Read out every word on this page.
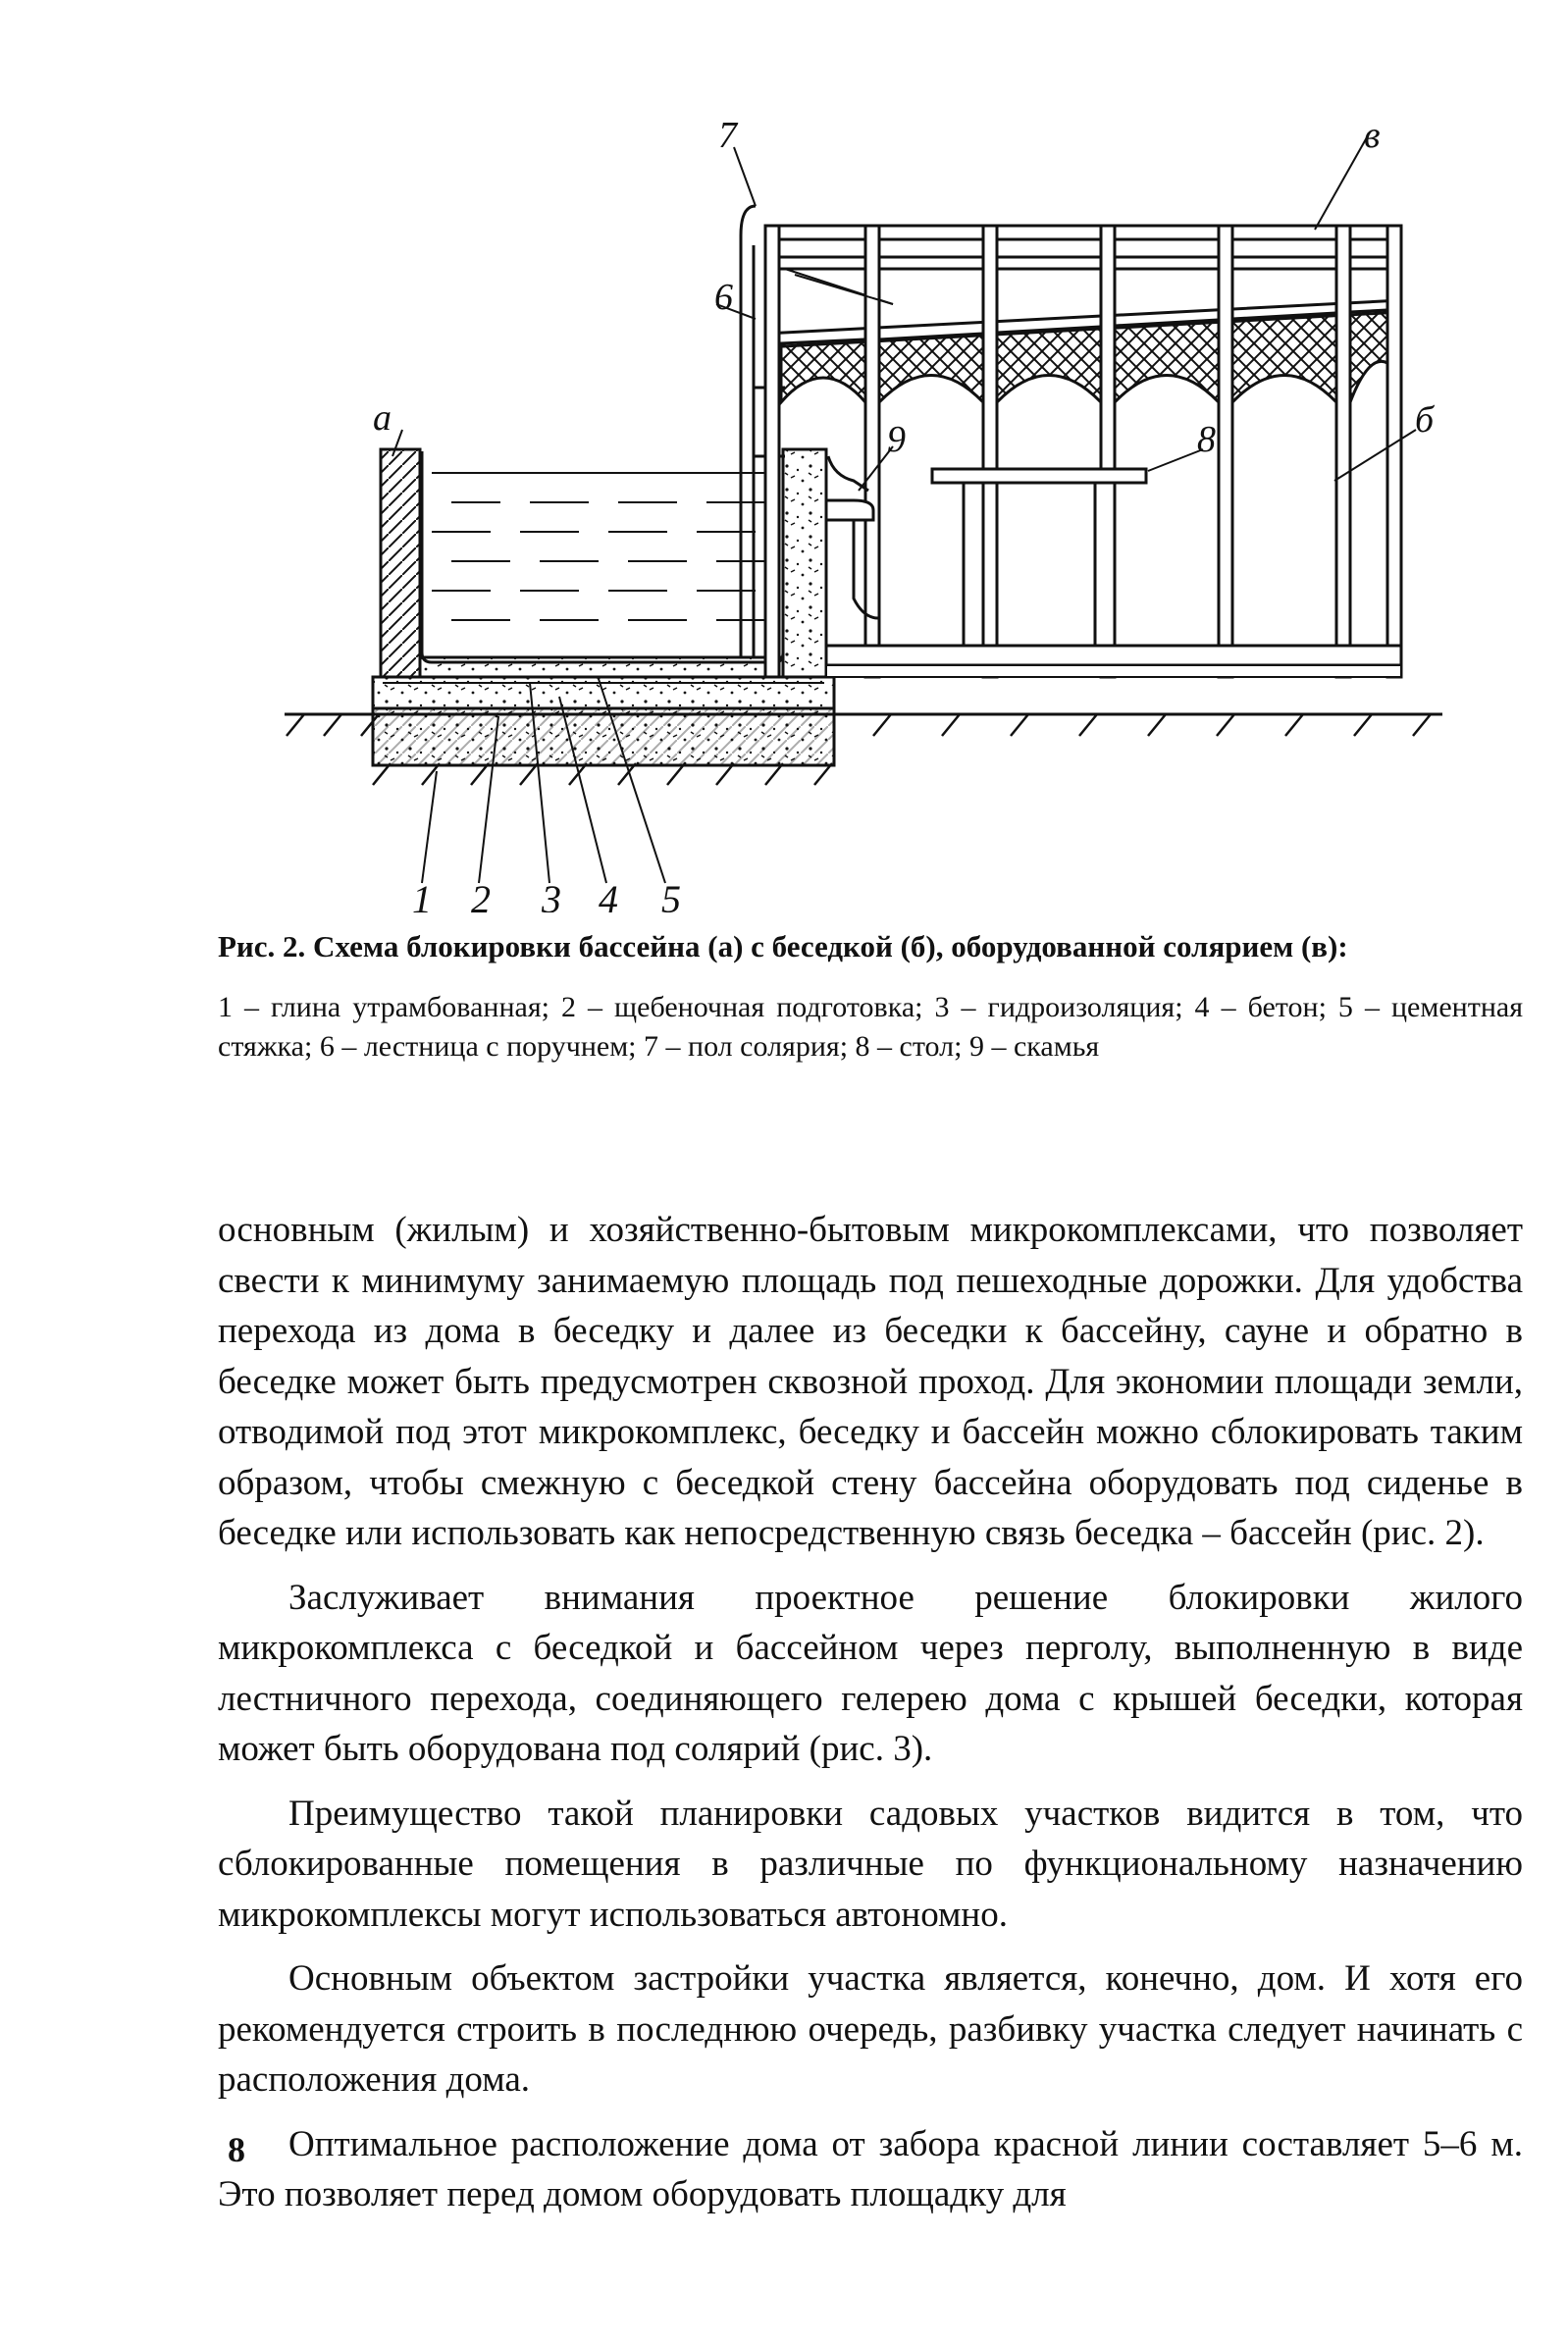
в
б
а
7
6
9	8
1 2 3 4 5
Рис. 2. Схема блокировки бассейна (а) с беседкой (б), оборудованной солярием (в):
1 – глина утрамбованная; 2 – щебеночная подготовка; 3 – гидроизоляция; 4 – бетон; 5 – цементная стяжка; 6 – лестница с поручнем; 7 – пол солярия; 8 – стол; 9 – скамья

основным (жилым) и хозяйственно-бытовым микрокомплексами, что позволяет свести к минимуму занимаемую площадь под пешеходные дорожки. Для удобства перехода из дома в беседку и далее из беседки к бассейну, сауне и обратно в беседке может быть предусмотрен сквозной проход. Для экономии площади земли, отводимой под этот микрокомплекс, беседку и бассейн можно сблокировать таким образом, чтобы смежную с беседкой стену бассейна оборудовать под сиденье в беседке или использовать как непосредственную связь беседка – бассейн (рис. 2).

Заслуживает внимания проектное решение блокировки жилого микрокомплекса с беседкой и бассейном через перголу, выполненную в виде лестничного перехода, соединяющего гелерею дома с крышей беседки, которая может быть оборудована под солярий (рис. 3).

Преимущество такой планировки садовых участков видится в том, что сблокированные помещения в различные по функциональному назначению микрокомплексы могут использоваться автономно.

Основным объектом застройки участка является, конечно, дом. И хотя его рекомендуется строить в последнюю очередь, разбивку участка следует начинать с расположения дома.

Оптимальное расположение дома от забора красной линии составляет 5–6 м. Это позволяет перед домом оборудовать площадку для

8
